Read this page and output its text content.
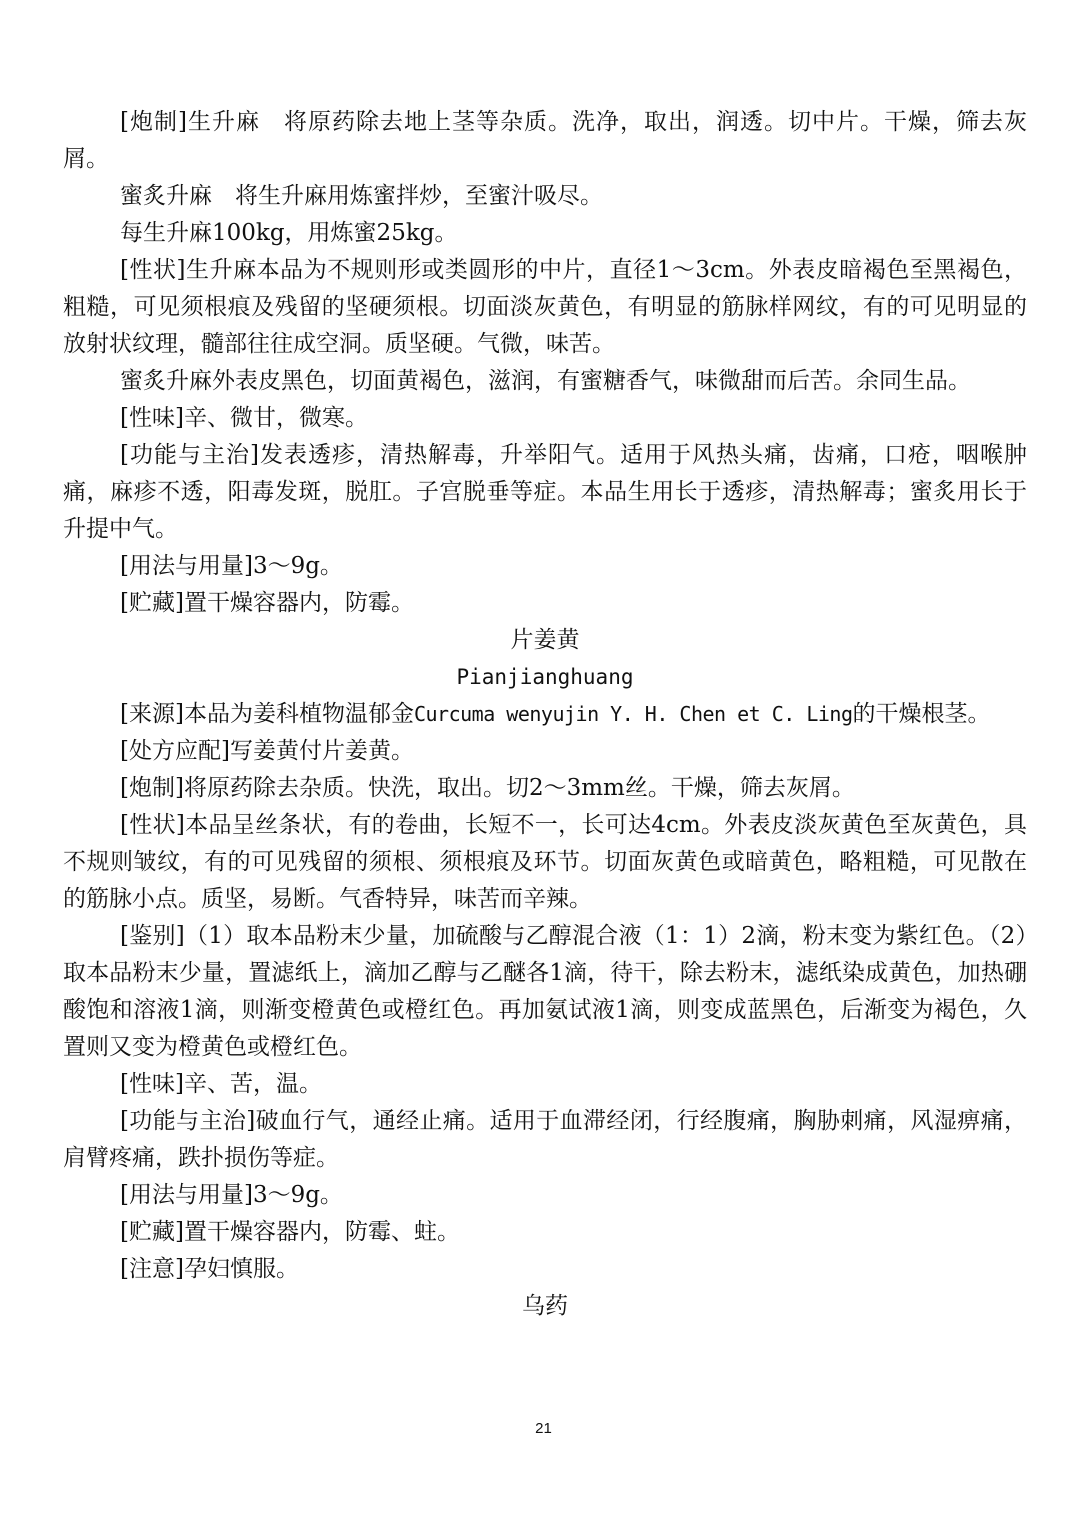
[炮制]生升麻　将原药除去地上茎等杂质。洗净，取出，润透。切中片。干燥，筛去灰屑。

蜜炙升麻　将生升麻用炼蜜拌炒，至蜜汁吸尽。

每生升麻100kg，用炼蜜25kg。

[性状]生升麻本品为不规则形或类圆形的中片，直径1～3cm。外表皮暗褐色至黑褐色，粗糙，可见须根痕及残留的坚硬须根。切面淡灰黄色，有明显的筋脉样网纹，有的可见明显的放射状纹理，髓部往往成空洞。质坚硬。气微，味苦。

蜜炙升麻外表皮黑色，切面黄褐色，滋润，有蜜糖香气，味微甜而后苦。余同生品。

[性味]辛、微甘，微寒。

[功能与主治]发表透疹，清热解毒，升举阳气。适用于风热头痛，齿痛，口疮，咽喉肿痛，麻疹不透，阳毒发斑，脱肛。子宫脱垂等症。本品生用长于透疹，清热解毒；蜜炙用长于升提中气。

[用法与用量]3～9g。

[贮藏]置干燥容器内，防霉。

片姜黄

Pianjianghuang

[来源]本品为姜科植物温郁金Curcuma wenyujin Y. H. Chen et C. Ling的干燥根茎。

[处方应配]写姜黄付片姜黄。

[炮制]将原药除去杂质。快洗，取出。切2～3mm丝。干燥，筛去灰屑。

[性状]本品呈丝条状，有的卷曲，长短不一，长可达4cm。外表皮淡灰黄色至灰黄色，具不规则皱纹，有的可见残留的须根、须根痕及环节。切面灰黄色或暗黄色，略粗糙，可见散在的筋脉小点。质坚，易断。气香特异，味苦而辛辣。

[鉴别]（1）取本品粉末少量，加硫酸与乙醇混合液（1：1）2滴，粉末变为紫红色。（2）取本品粉末少量，置滤纸上，滴加乙醇与乙醚各1滴，待干，除去粉末，滤纸染成黄色，加热硼酸饱和溶液1滴，则渐变橙黄色或橙红色。再加氨试液1滴，则变成蓝黑色，后渐变为褐色，久置则又变为橙黄色或橙红色。

[性味]辛、苦，温。

[功能与主治]破血行气，通经止痛。适用于血滞经闭，行经腹痛，胸胁刺痛，风湿痹痛，肩臂疼痛，跌扑损伤等症。

[用法与用量]3～9g。

[贮藏]置干燥容器内，防霉、蛀。

[注意]孕妇慎服。

乌药

21
